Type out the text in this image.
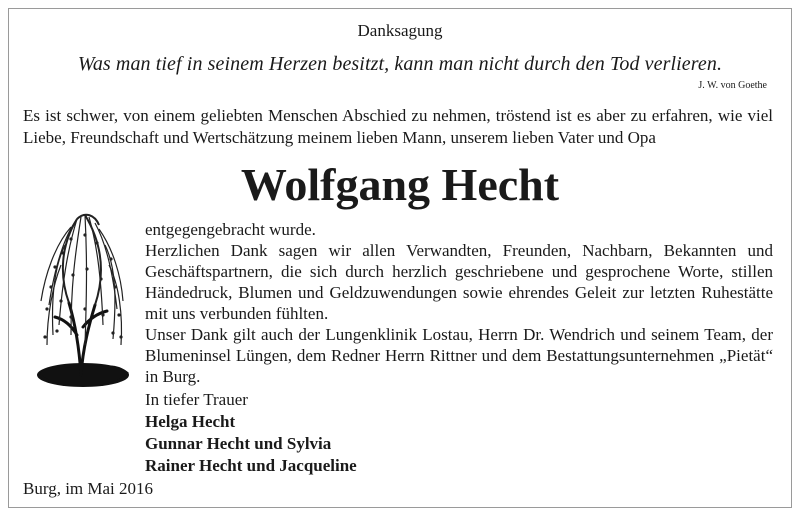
Danksagung
Was man tief in seinem Herzen besitzt, kann man nicht durch den Tod verlieren.
J. W. von Goethe
Es ist schwer, von einem geliebten Menschen Abschied zu nehmen, tröstend ist es aber zu erfahren, wie viel Liebe, Freundschaft und Wertschätzung meinem lieben Mann, unserem lieben Vater und Opa
Wolfgang Hecht

entgegengebracht wurde.

Herzlichen Dank sagen wir allen Verwandten, Freunden, Nachbarn, Bekannten und Geschäftspartnern, die sich durch herzlich geschriebene und gesprochene Worte, stillen Händedruck, Blumen und Geldzuwendungen sowie ehrendes Geleit zur letzten Ruhestätte mit uns verbunden fühlten.

Unser Dank gilt auch der Lungenklinik Lostau, Herrn Dr. Wendrich und seinem Team, der Blumeninsel Lüngen, dem Redner Herrn Rittner und dem Bestattungsunternehmen „Pietät“ in Burg.

In tiefer Trauer
Helga Hecht
Gunnar Hecht und Sylvia
Rainer Hecht und Jacqueline
Burg, im Mai 2016
